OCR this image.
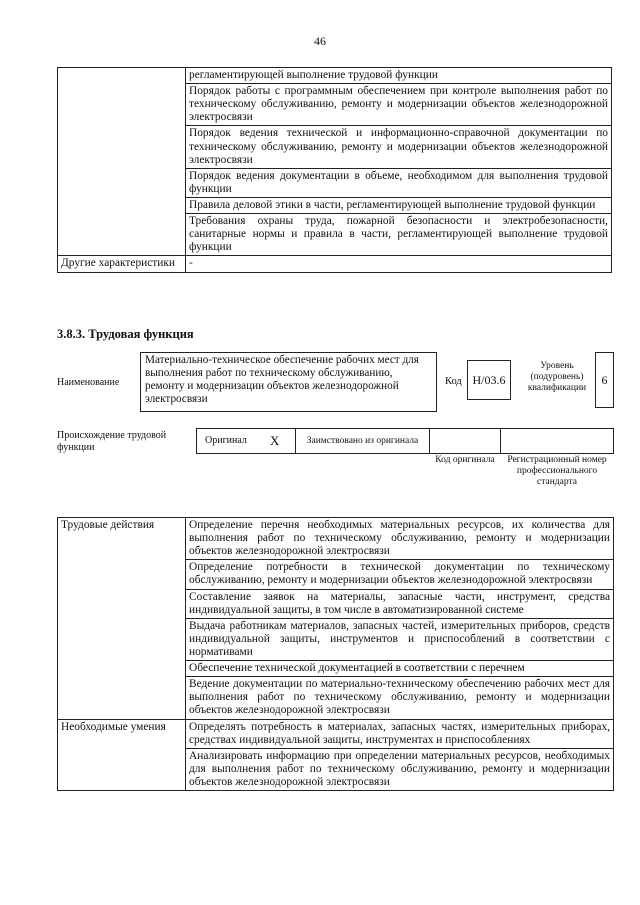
46
	регламентирующей выполнение трудовой функции
	Порядок работы с программным обеспечением при контроле выполнения работ по техническому обслуживанию, ремонту и модернизации объектов железнодорожной электросвязи
	Порядок ведения технической и информационно-справочной документации по техническому обслуживанию, ремонту и модернизации объектов железнодорожной электросвязи
	Порядок ведения документации в объеме, необходимом для выполнения трудовой функции
	Правила деловой этики в части, регламентирующей выполнение трудовой функции
	Требования охраны труда, пожарной безопасности и электробезопасности, санитарные нормы и правила в части, регламентирующей выполнение трудовой функции
Другие характеристики	-
3.8.3. Трудовая функция
Наименование
Материально-техническое обеспечение рабочих мест для выполнения работ по техническому обслуживанию, ремонту и модернизации объектов железнодорожной электросвязи
Код H/03.6
Уровень (подуровень) квалификации
6
Происхождение трудовой функции
Оригинал X	Заимствовано из оригинала
Код оригинала	Регистрационный номер профессионального стандарта
Трудовые действия	Определение перечня необходимых материальных ресурсов, их количества для выполнения работ по техническому обслуживанию, ремонту и модернизации объектов железнодорожной электросвязи
	Определение потребности в технической документации по техническому обслуживанию, ремонту и модернизации объектов железнодорожной электросвязи
	Составление заявок на материалы, запасные части, инструмент, средства индивидуальной защиты, в том числе в автоматизированной системе
	Выдача работникам материалов, запасных частей, измерительных приборов, средств индивидуальной защиты, инструментов и приспособлений в соответствии с нормативами
	Обеспечение технической документацией в соответствии с перечнем
	Ведение документации по материально-техническому обеспечению рабочих мест для выполнения работ по техническому обслуживанию, ремонту и модернизации объектов железнодорожной электросвязи
Необходимые умения	Определять потребность в материалах, запасных частях, измерительных приборах, средствах индивидуальной защиты, инструментах и приспособлениях
	Анализировать информацию при определении материальных ресурсов, необходимых для выполнения работ по техническому обслуживанию, ремонту и модернизации объектов железнодорожной электросвязи
